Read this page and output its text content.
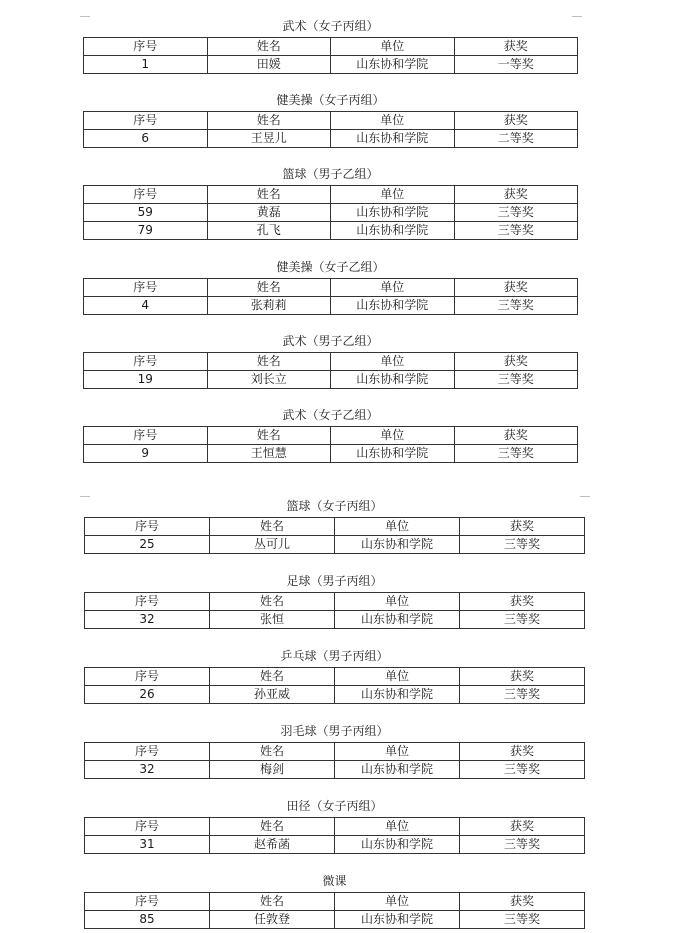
武术（女子丙组）
序号	姓名	单位	获奖
1	田媛	山东协和学院	一等奖
健美操（女子丙组）
序号	姓名	单位	获奖
6	王昱儿	山东协和学院	二等奖
篮球（男子乙组）
序号	姓名	单位	获奖
59	黄磊	山东协和学院	三等奖
79	孔飞	山东协和学院	三等奖
健美操（女子乙组）
序号	姓名	单位	获奖
4	张莉莉	山东协和学院	三等奖
武术（男子乙组）
序号	姓名	单位	获奖
19	刘长立	山东协和学院	三等奖
武术（女子乙组）
序号	姓名	单位	获奖
9	王恒慧	山东协和学院	三等奖
篮球（女子丙组）
序号	姓名	单位	获奖
25	丛可儿	山东协和学院	三等奖
足球（男子丙组）
序号	姓名	单位	获奖
32	张恒	山东协和学院	三等奖
乒乓球（男子丙组）
序号	姓名	单位	获奖
26	孙亚威	山东协和学院	三等奖
羽毛球（男子丙组）
序号	姓名	单位	获奖
32	梅剑	山东协和学院	三等奖
田径（女子丙组）
序号	姓名	单位	获奖
31	赵希菡	山东协和学院	三等奖
微课
序号	姓名	单位	获奖
85	任敦登	山东协和学院	三等奖
